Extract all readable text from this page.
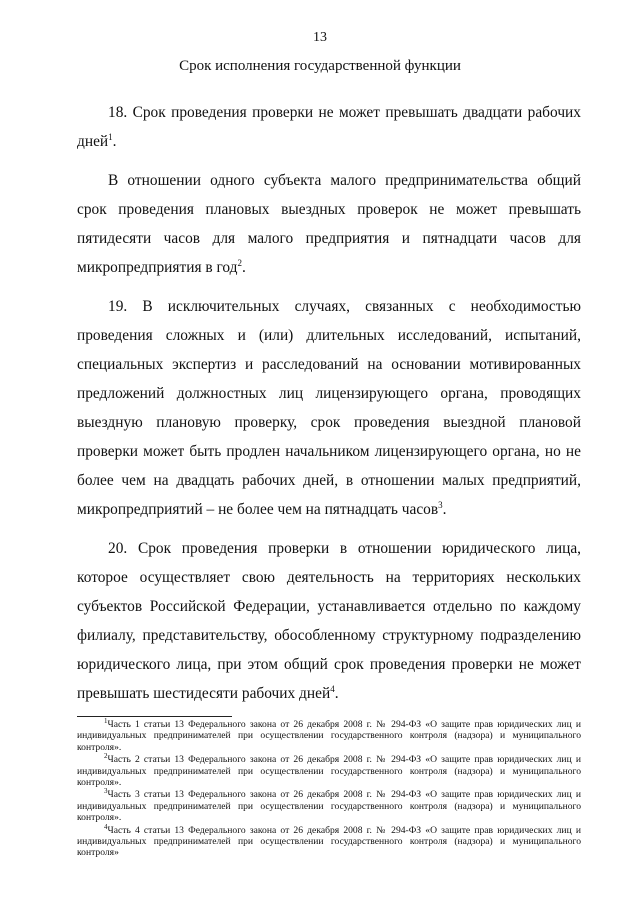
13
Срок исполнения государственной функции

18. Срок проведения проверки не может превышать двадцати рабочих дней$^1$.

В отношении одного субъекта малого предпринимательства общий срок проведения плановых выездных проверок не может превышать пятидесяти часов для малого предприятия и пятнадцати часов для микропредприятия в год$^2$.

19. В исключительных случаях, связанных с необходимостью проведения сложных и (или) длительных исследований, испытаний, специальных экспертиз и расследований на основании мотивированных предложений должностных лиц лицензирующего органа, проводящих выездную плановую проверку, срок проведения выездной плановой проверки может быть продлен начальником лицензирующего органа, но не более чем на двадцать рабочих дней, в отношении малых предприятий, микропредприятий – не более чем на пятнадцать часов$^3$.

20. Срок проведения проверки в отношении юридического лица, которое осуществляет свою деятельность на территориях нескольких субъектов Российской Федерации, устанавливается отдельно по каждому филиалу, представительству, обособленному структурному подразделению юридического лица, при этом общий срок проведения проверки не может превышать шестидесяти рабочих дней$^4$.

$^1$Часть 1 статьи 13 Федерального закона от 26 декабря 2008 г. № 294-ФЗ «О защите прав юридических лиц и индивидуальных предпринимателей при осуществлении государственного контроля (надзора) и муниципального контроля».

$^2$Часть 2 статьи 13 Федерального закона от 26 декабря 2008 г. № 294-ФЗ «О защите прав юридических лиц и индивидуальных предпринимателей при осуществлении государственного контроля (надзора) и муниципального контроля».

$^3$Часть 3 статьи 13 Федерального закона от 26 декабря 2008 г. № 294-ФЗ «О защите прав юридических лиц и индивидуальных предпринимателей при осуществлении государственного контроля (надзора) и муниципального контроля».

$^4$Часть 4 статьи 13 Федерального закона от 26 декабря 2008 г. № 294-ФЗ «О защите прав юридических лиц и индивидуальных предпринимателей при осуществлении государственного контроля (надзора) и муниципального контроля»
